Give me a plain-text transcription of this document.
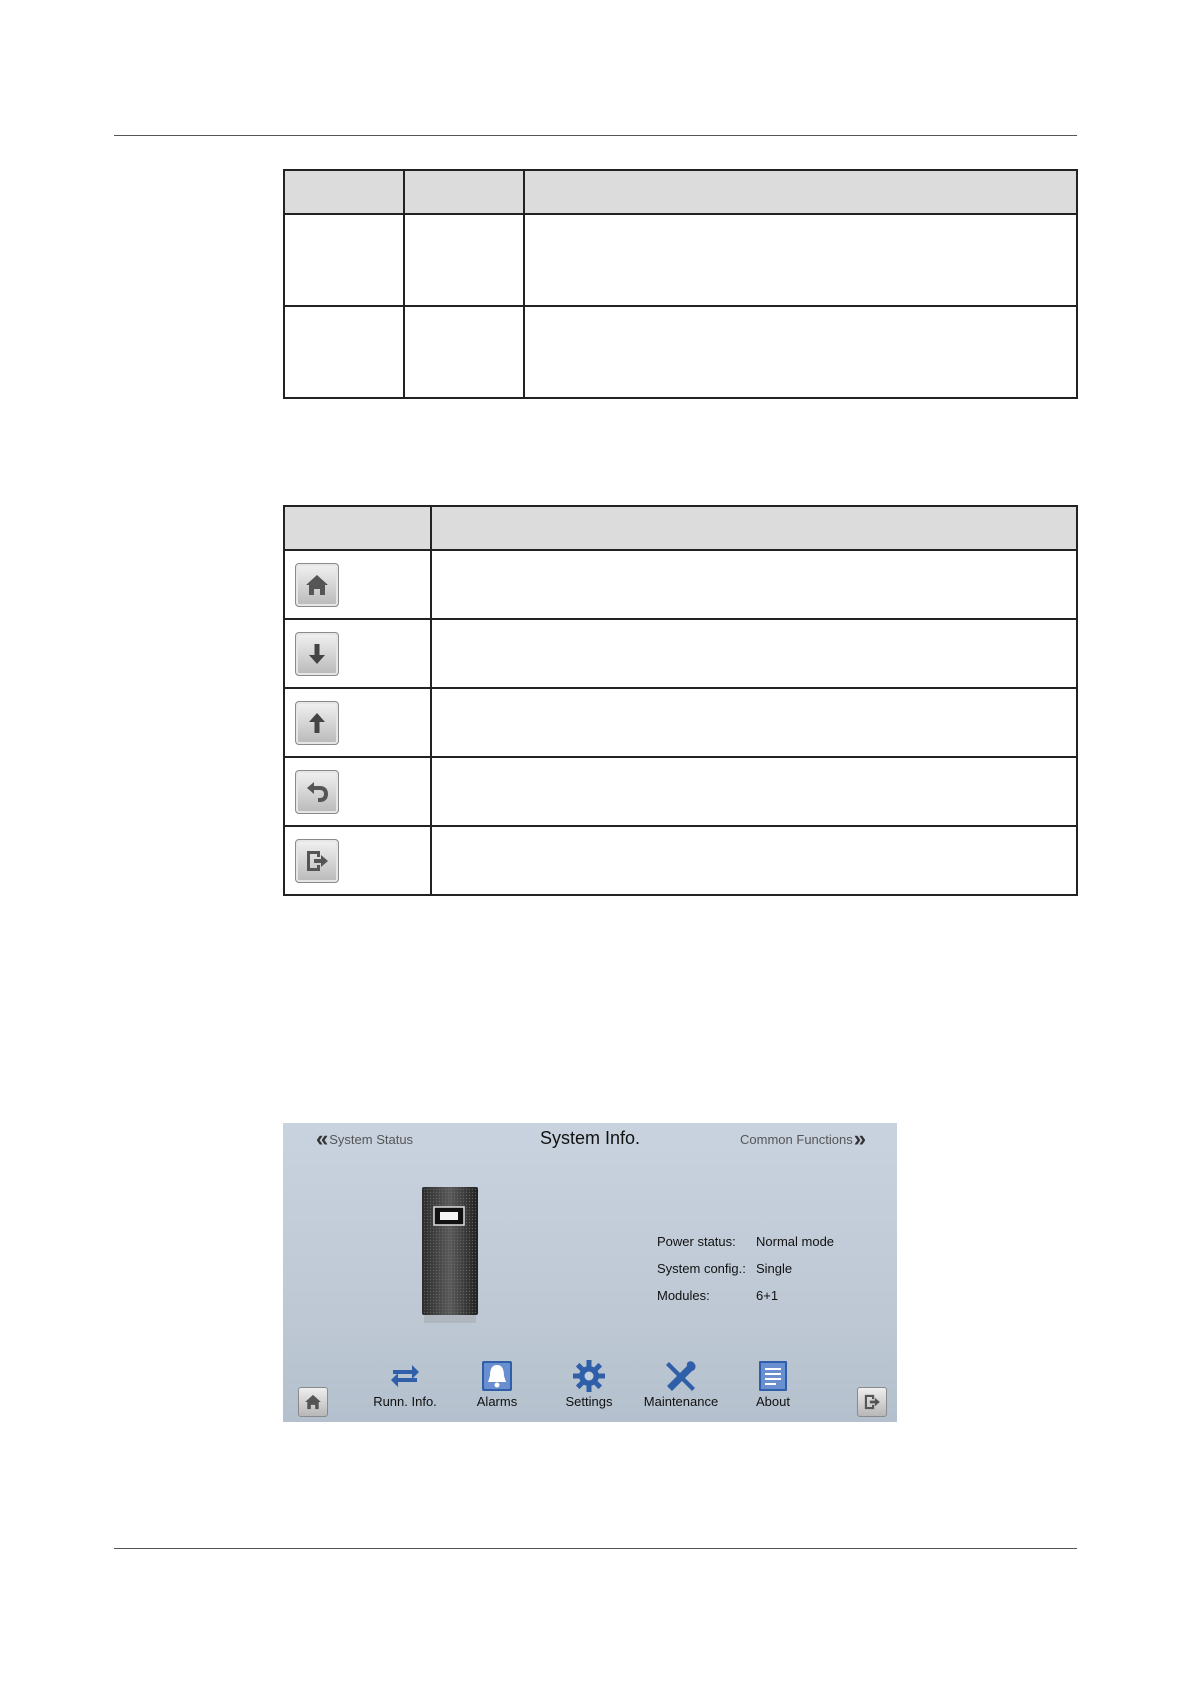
« System Status	System Info.	Common Functions »
Power status:	Normal mode
System config.: Single
Modules:	6+1
Runn. Info.	Alarms	Settings	Maintenance	About
